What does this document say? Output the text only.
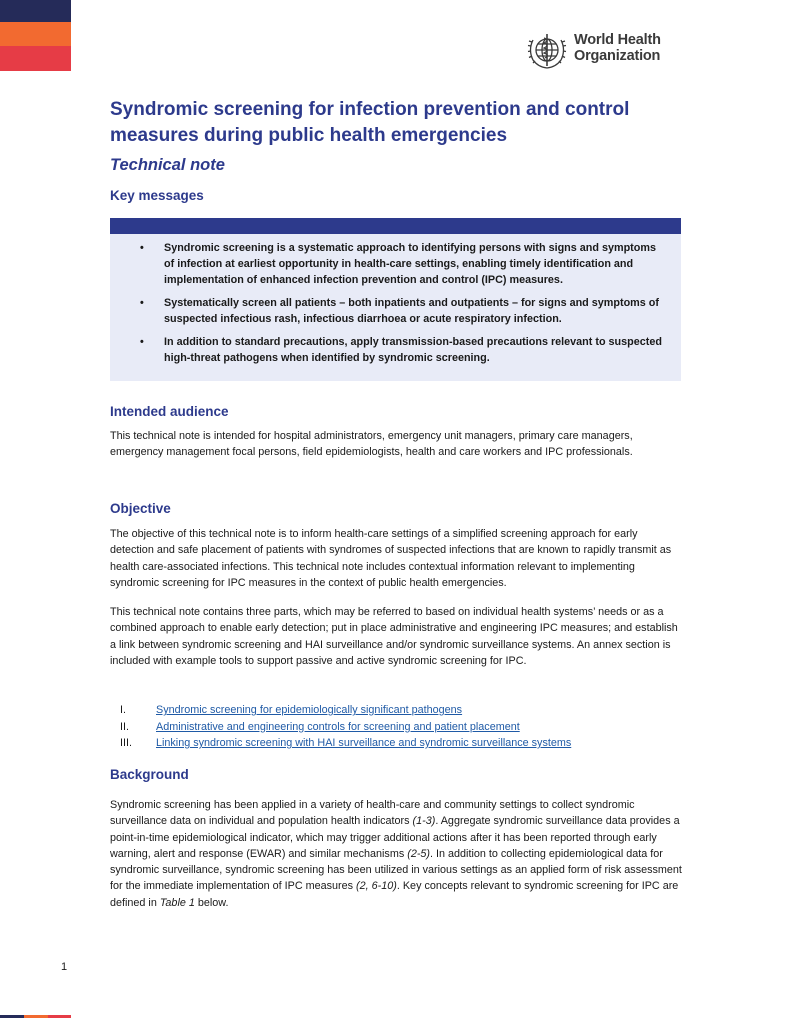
World Health
Organization
Syndromic screening for infection prevention and control measures during public health emergencies
Technical note
Key messages
• Syndromic screening is a systematic approach to identifying persons with signs and symptoms of infection at earliest opportunity in health-care settings, enabling timely identification and implementation of enhanced infection prevention and control (IPC) measures.
• Systematically screen all patients – both inpatients and outpatients – for signs and symptoms of suspected infectious rash, infectious diarrhoea or acute respiratory infection.
• In addition to standard precautions, apply transmission-based precautions relevant to suspected high-threat pathogens when identified by syndromic screening.
Intended audience

This technical note is intended for hospital administrators, emergency unit managers, primary care managers, emergency management focal persons, field epidemiologists, health and care workers and IPC professionals.

Objective

The objective of this technical note is to inform health-care settings of a simplified screening approach for early detection and safe placement of patients with syndromes of suspected infections that are known to rapidly transmit as health care-associated infections. This technical note includes contextual information relevant to implementing syndromic screening for IPC measures in the context of public health emergencies.

This technical note contains three parts, which may be referred to based on individual health systems’ needs or as a combined approach to enable early detection; put in place administrative and engineering IPC measures; and establish a link between syndromic screening and HAI surveillance and/or syndromic surveillance systems. An annex section is included with example tools to support passive and active syndromic screening for IPC.

I.	Syndromic screening for epidemiologically significant pathogens
II.	Administrative and engineering controls for screening and patient placement
III.	Linking syndromic screening with HAI surveillance and syndromic surveillance systems
Background

Syndromic screening has been applied in a variety of health-care and community settings to collect syndromic surveillance data on individual and population health indicators (1-3). Aggregate syndromic surveillance data provides a point-in-time epidemiological indicator, which may trigger additional actions after it has been reported through early warning, alert and response (EWAR) and similar mechanisms (2-5). In addition to collecting epidemiological data for syndromic surveillance, syndromic screening has been utilized in various settings as an applied form of risk assessment for the immediate implementation of IPC measures (2, 6-10). Key concepts relevant to syndromic screening for IPC are defined in Table 1 below.

1
